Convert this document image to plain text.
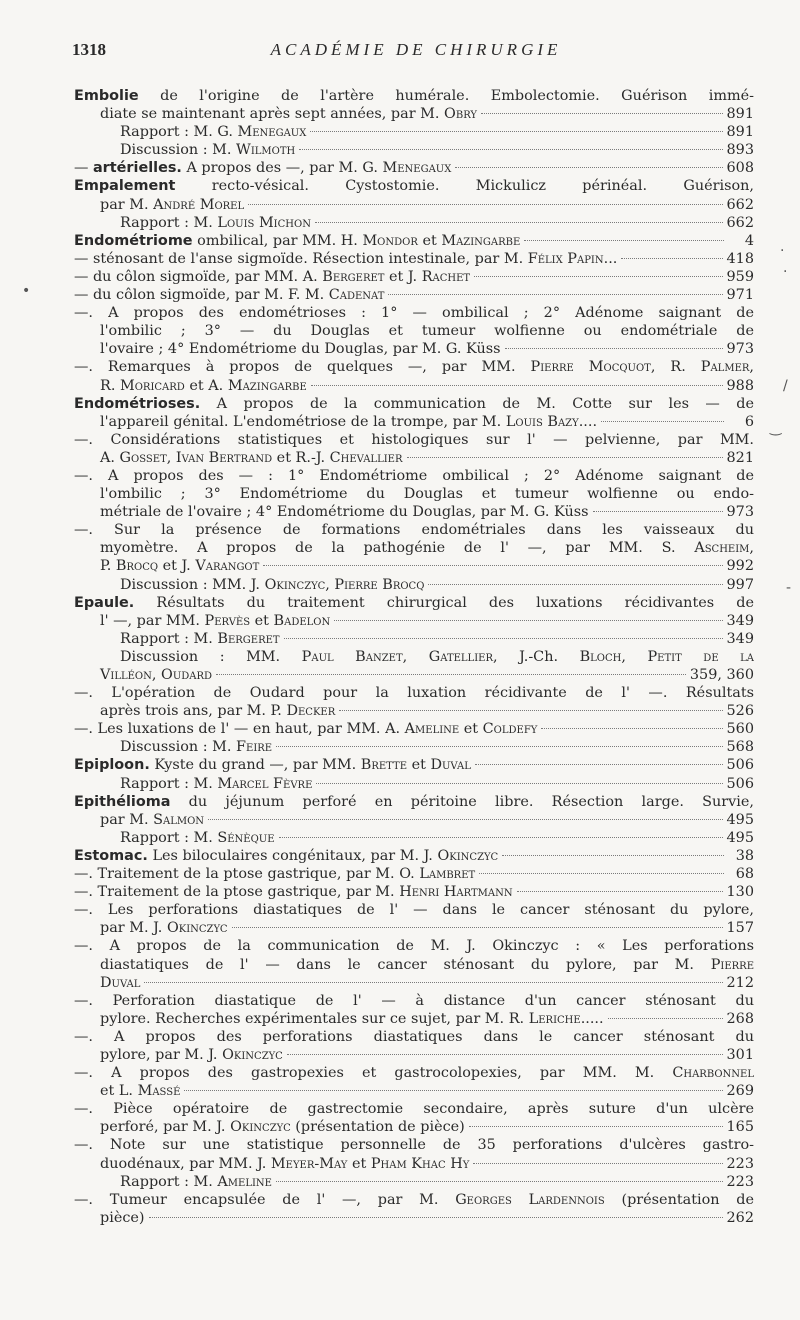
1318	ACADÉMIE DE CHIRURGIE
Embolie de l'origine de l'artère humérale. Embolectomie. Guérison immé-
diate se maintenant après sept années, par M. Obry	891
Rapport : M. G. Menegaux	891
Discussion : M. Wilmoth	893
— artérielles. A propos des —, par M. G. Menegaux	608
Empalement recto-vésical. Cystostomie. Mickulicz périnéal. Guérison,
par M. André Morel	662
Rapport : M. Louis Michon	662
Endométriome ombilical, par MM. H. Mondor et Mazingarbe	4
— sténosant de l'anse sigmoïde. Résection intestinale, par M. Félix Papin...	418
— du côlon sigmoïde, par MM. A. Bergeret et J. Rachet	959
— du côlon sigmoïde, par M. F. M. Cadenat	971
—. A propos des endométrioses : 1° — ombilical ; 2° Adénome saignant de
l'ombilic ; 3° — du Douglas et tumeur wolfienne ou endométriale de
l'ovaire ; 4° Endométriome du Douglas, par M. G. Küss	973
—. Remarques à propos de quelques —, par MM. Pierre Mocquot, R. Palmer,
R. Moricard et A. Mazingarbe	988
Endométrioses. A propos de la communication de M. Cotte sur les — de
l'appareil génital. L'endométriose de la trompe, par M. Louis Bazy....	6
—. Considérations statistiques et histologiques sur l' — pelvienne, par MM.
A. Gosset, Ivan Bertrand et R.-J. Chevallier	821
—. A propos des — : 1° Endométriome ombilical ; 2° Adénome saignant de
l'ombilic ; 3° Endométriome du Douglas et tumeur wolfienne ou endo-
métriale de l'ovaire ; 4° Endométriome du Douglas, par M. G. Küss	973
—. Sur la présence de formations endométriales dans les vaisseaux du
myomètre. A propos de la pathogénie de l' —, par MM. S. Ascheim,
P. Brocq et J. Varangot	992
Discussion : MM. J. Okinczyc, Pierre Brocq	997
Epaule. Résultats du traitement chirurgical des luxations récidivantes de
l' —, par MM. Pervès et Badelon	349
Rapport : M. Bergeret	349
Discussion : MM. Paul Banzet, Gatellier, J.-Ch. Bloch, Petit de la
Villéon, Oudard	359, 360
—. L'opération de Oudard pour la luxation récidivante de l' —. Résultats
après trois ans, par M. P. Decker	526
—. Les luxations de l' — en haut, par MM. A. Ameline et Coldefy	560
Discussion : M. Feire	568
Epiploon. Kyste du grand —, par MM. Brette et Duval	506
Rapport : M. Marcel Fèvre	506
Epithélioma du jéjunum perforé en péritoine libre. Résection large. Survie,
par M. Salmon	495
Rapport : M. Sénèque	495
Estomac. Les biloculaires congénitaux, par M. J. Okinczyc	38
—. Traitement de la ptose gastrique, par M. O. Lambret	68
—. Traitement de la ptose gastrique, par M. Henri Hartmann	130
—. Les perforations diastatiques de l' — dans le cancer sténosant du pylore,
par M. J. Okinczyc	157
—. A propos de la communication de M. J. Okinczyc : « Les perforations
diastatiques de l' — dans le cancer sténosant du pylore, par M. Pierre
Duval	212
—. Perforation diastatique de l' — à distance d'un cancer sténosant du
pylore. Recherches expérimentales sur ce sujet, par M. R. Leriche.....	268
—. A propos des perforations diastatiques dans le cancer sténosant du
pylore, par M. J. Okinczyc	301
—. A propos des gastropexies et gastrocolopexies, par MM. M. Charbonnel
et L. Massé	269
—. Pièce opératoire de gastrectomie secondaire, après suture d'un ulcère
perforé, par M. J. Okinczyc (présentation de pièce)	165
—. Note sur une statistique personnelle de 35 perforations d'ulcères gastro-
duodénaux, par MM. J. Meyer-May et Pham Khac Hy	223
Rapport : M. Ameline	223
—. Tumeur encapsulée de l' —, par M. Georges Lardennois (présentation de
pièce)	262
•
·
·
/
‿
-
